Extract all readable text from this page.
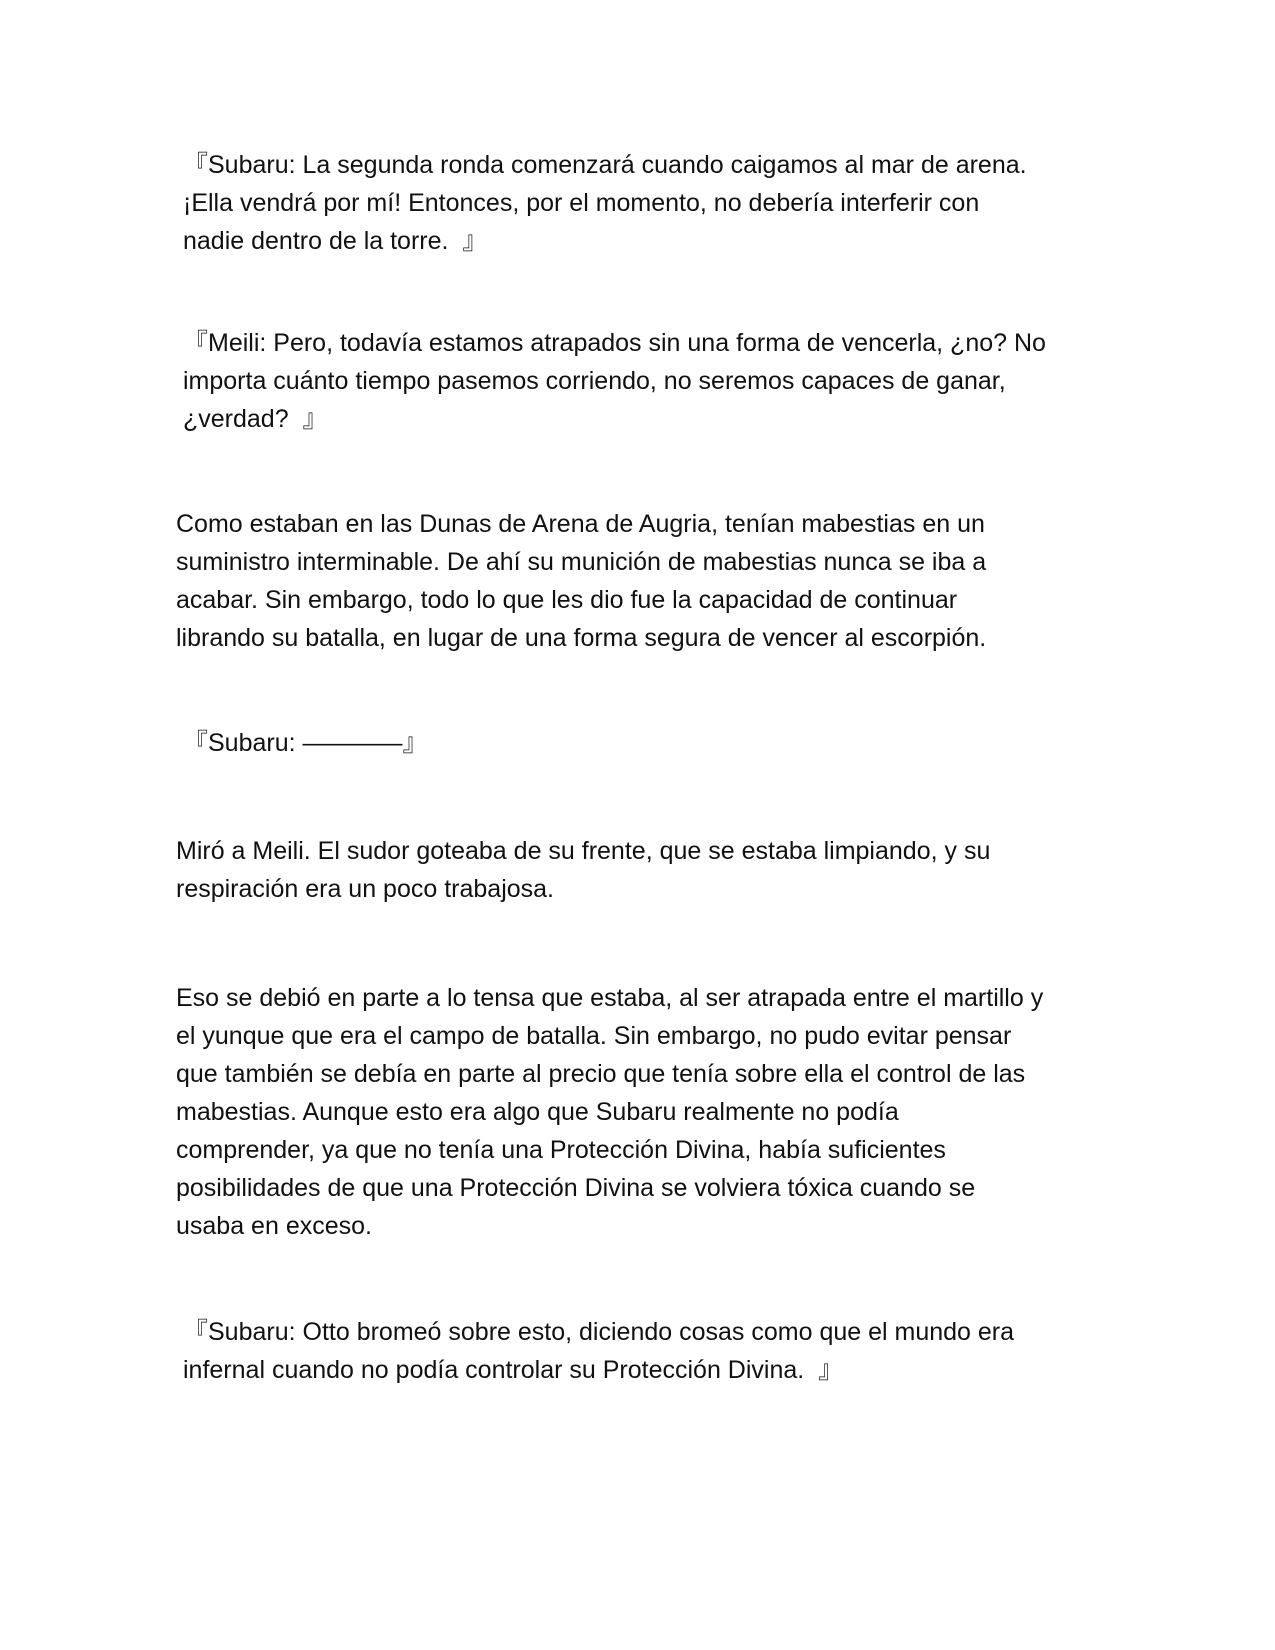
『Subaru: La segunda ronda comenzará cuando caigamos al mar de arena.
¡Ella vendrá por mí! Entonces, por el momento, no debería interferir con
nadie dentro de la torre.  』

『Meili: Pero, todavía estamos atrapados sin una forma de vencerla, ¿no? No
importa cuánto tiempo pasemos corriendo, no seremos capaces de ganar,
¿verdad?  』

Como estaban en las Dunas de Arena de Augria, tenían mabestias en un
suministro interminable. De ahí su munición de mabestias nunca se iba a
acabar. Sin embargo, todo lo que les dio fue la capacidad de continuar
librando su batalla, en lugar de una forma segura de vencer al escorpión.

『Subaru: ————』

Miró a Meili. El sudor goteaba de su frente, que se estaba limpiando, y su
respiración era un poco trabajosa.

Eso se debió en parte a lo tensa que estaba, al ser atrapada entre el martillo y
el yunque que era el campo de batalla. Sin embargo, no pudo evitar pensar
que también se debía en parte al precio que tenía sobre ella el control de las
mabestias. Aunque esto era algo que Subaru realmente no podía
comprender, ya que no tenía una Protección Divina, había suficientes
posibilidades de que una Protección Divina se volviera tóxica cuando se
usaba en exceso.

『Subaru: Otto bromeó sobre esto, diciendo cosas como que el mundo era
infernal cuando no podía controlar su Protección Divina.  』
